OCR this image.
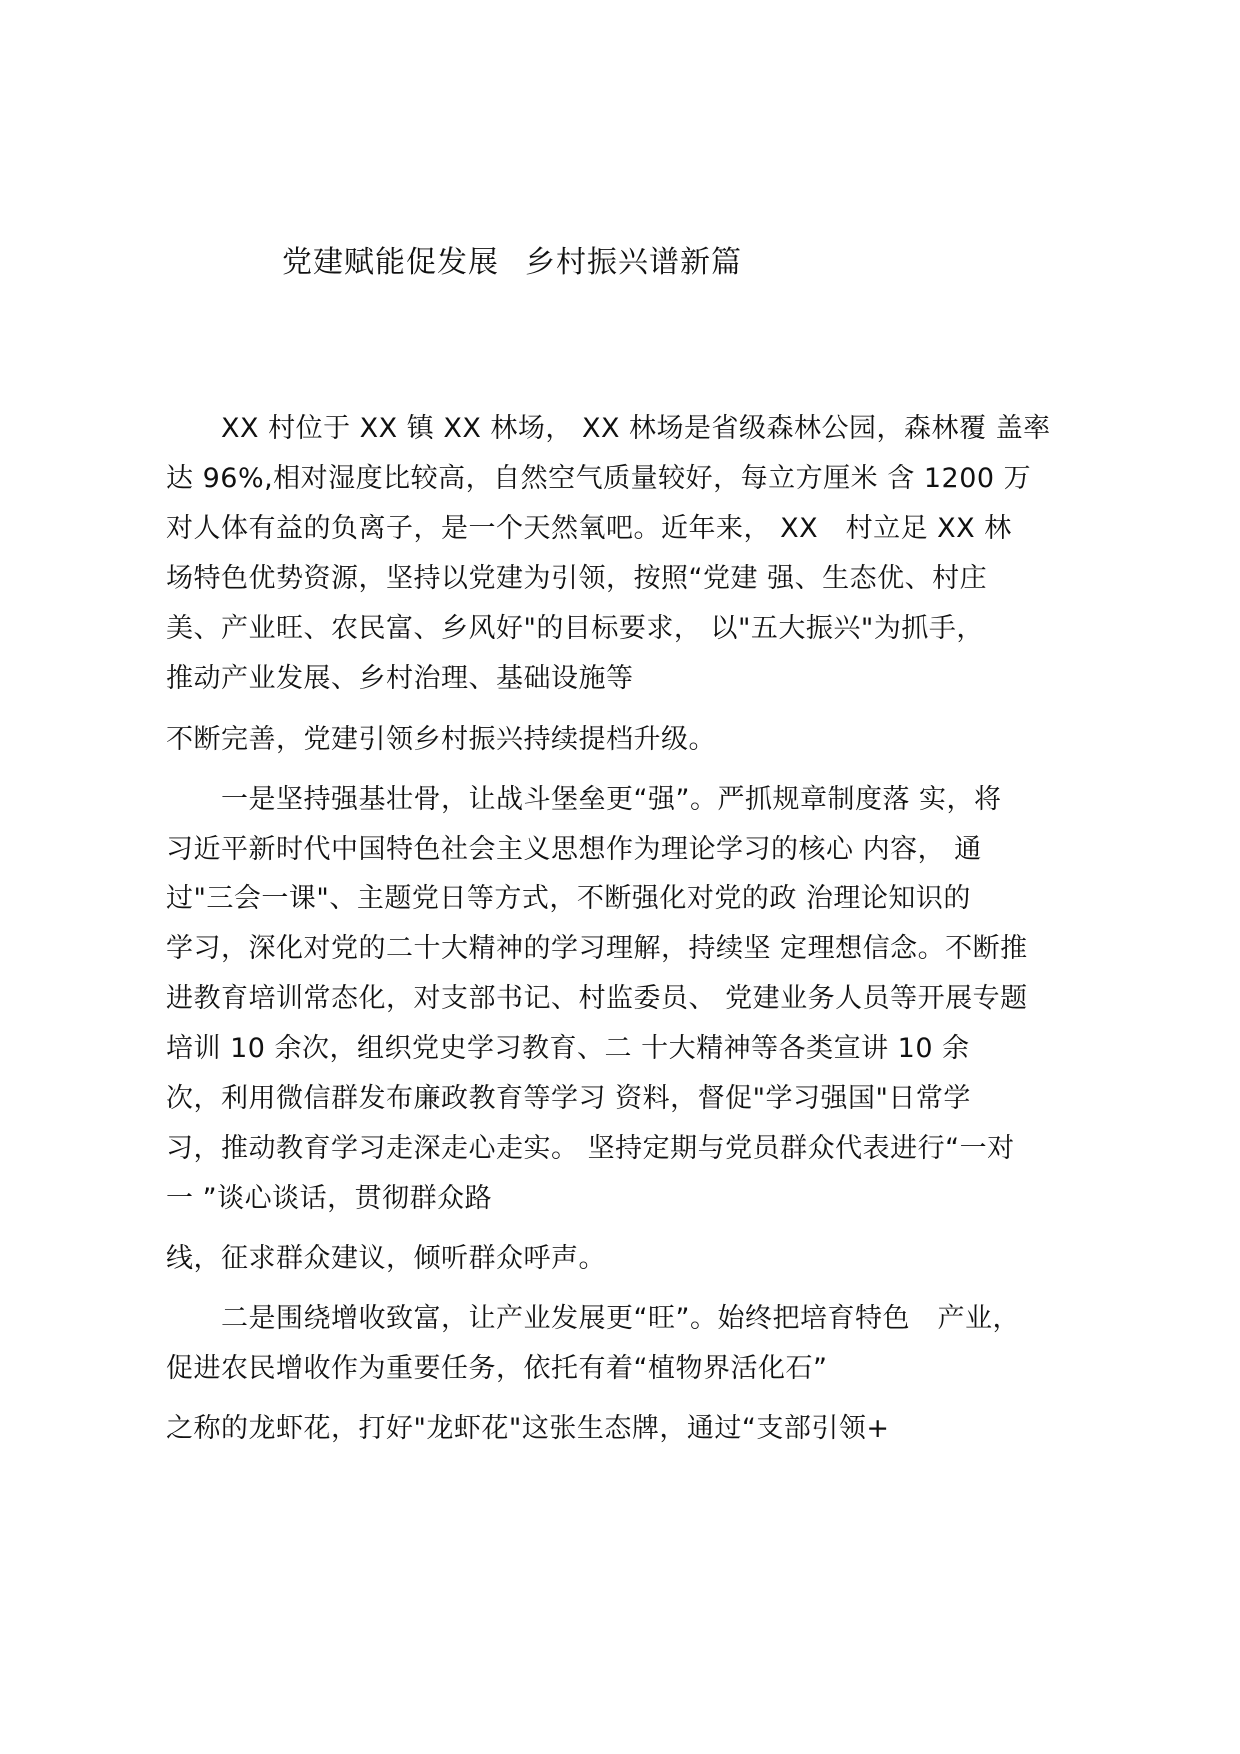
党建赋能促发展 乡村振兴谱新篇
　　XX 村位于 XX 镇 XX 林场， XX 林场是省级森林公园，森林覆 盖率
达 96%,相对湿度比较高，自然空气质量较好，每立方厘米 含 1200 万
对人体有益的负离子，是一个天然氧吧。近年来， XX　村立足 XX 林
场特色优势资源，坚持以党建为引领，按照“党建 强、生态优、村庄
美、产业旺、农民富、乡风好"的目标要求， 以"五大振兴"为抓手，
推动产业发展、乡村治理、基础设施等
不断完善，党建引领乡村振兴持续提档升级。
　　一是坚持强基壮骨，让战斗堡垒更“强”。严抓规章制度落 实，将
习近平新时代中国特色社会主义思想作为理论学习的核心 内容， 通
过"三会一课"、主题党日等方式，不断强化对党的政 治理论知识的
学习，深化对党的二十大精神的学习理解，持续坚 定理想信念。不断推
进教育培训常态化，对支部书记、村监委员、 党建业务人员等开展专题
培训 10 余次，组织党史学习教育、二 十大精神等各类宣讲 10 余
次，利用微信群发布廉政教育等学习 资料，督促"学习强国"日常学
习，推动教育学习走深走心走实。 坚持定期与党员群众代表进行“一对
一 ”谈心谈话，贯彻群众路
线，征求群众建议，倾听群众呼声。
　　二是围绕增收致富，让产业发展更“旺”。始终把培育特色　产业，
促进农民增收作为重要任务，依托有着“植物界活化石”
之称的龙虾花，打好"龙虾花"这张生态牌，通过“支部引领+
